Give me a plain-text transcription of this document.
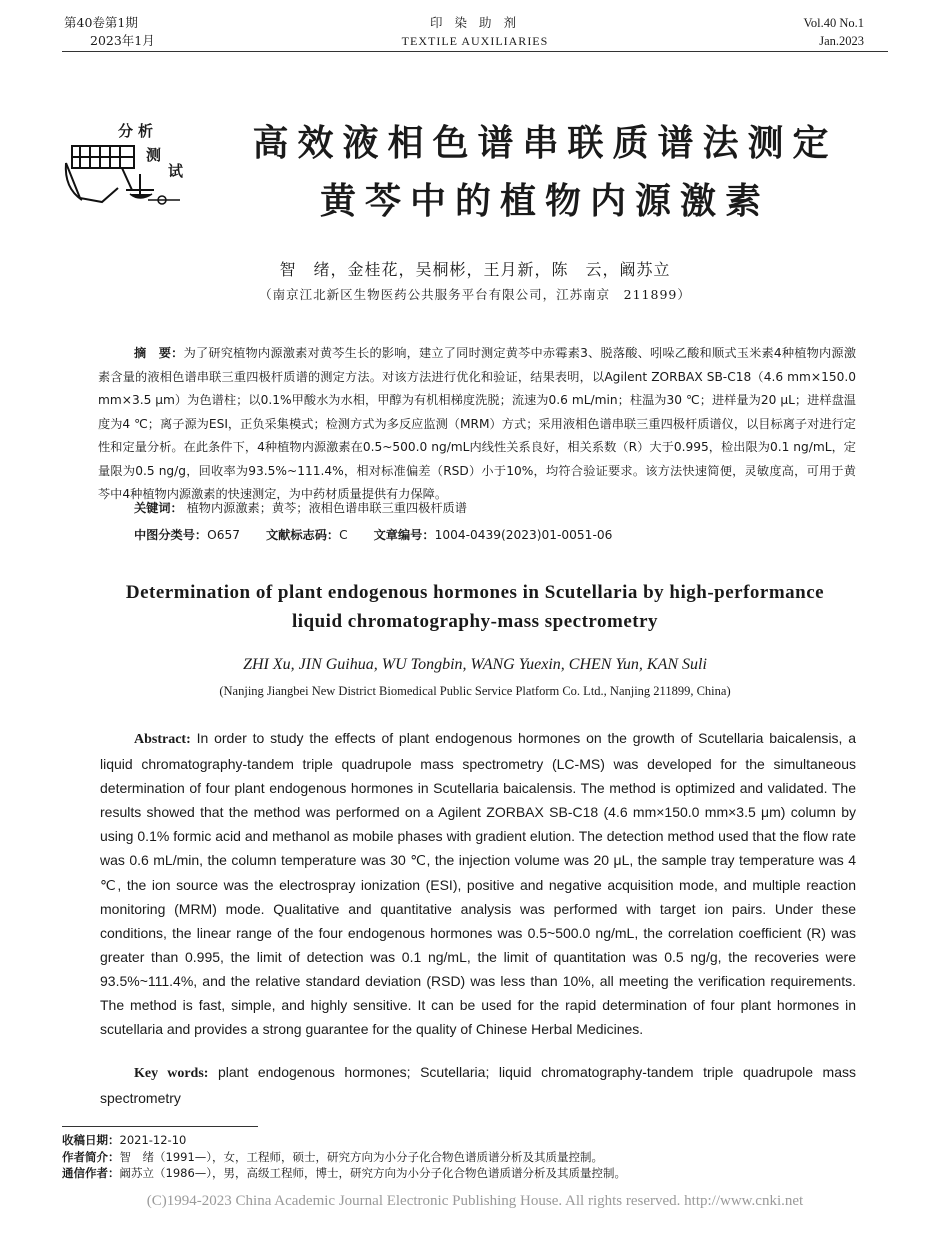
第40卷第1期
2023年1月
印 染 助 剂
TEXTILE AUXILIARIES
Vol.40 No.1
Jan.2023
分析
测
试
高效液相色谱串联质谱法测定
黄芩中的植物内源激素
智　绪，金桂花，吴桐彬，王月新，陈　云，阚苏立
（南京江北新区生物医药公共服务平台有限公司，江苏南京　211899）
摘　要：为了研究植物内源激素对黄芩生长的影响，建立了同时测定黄芩中赤霉素3、脱落酸、吲哚乙酸和顺式玉米素4种植物内源激素含量的液相色谱串联三重四极杆质谱的测定方法。对该方法进行优化和验证，结果表明，以Agilent ZORBAX SB-C18（4.6 mm×150.0 mm×3.5 μm）为色谱柱；以0.1%甲酸水为水相，甲醇为有机相梯度洗脱；流速为0.6 mL/min；柱温为30 ℃；进样量为20 μL；进样盘温度为4 ℃；离子源为ESI，正负采集模式；检测方式为多反应监测（MRM）方式；采用液相色谱串联三重四极杆质谱仪，以目标离子对进行定性和定量分析。在此条件下，4种植物内源激素在0.5~500.0 ng/mL内线性关系良好，相关系数（R）大于0.995，检出限为0.1 ng/mL，定量限为0.5 ng/g，回收率为93.5%~111.4%，相对标准偏差（RSD）小于10%，均符合验证要求。该方法快速简便，灵敏度高，可用于黄芩中4种植物内源激素的快速测定，为中药材质量提供有力保障。
关键词： 植物内源激素；黄芩；液相色谱串联三重四极杆质谱
中图分类号：O657 文献标志码：C 文章编号：1004-0439(2023)01-0051-06
Determination of plant endogenous hormones in Scutellaria by high-performance liquid chromatography-mass spectrometry
ZHI Xu, JIN Guihua, WU Tongbin, WANG Yuexin, CHEN Yun, KAN Suli
(Nanjing Jiangbei New District Biomedical Public Service Platform Co. Ltd., Nanjing 211899, China)
Abstract: In order to study the effects of plant endogenous hormones on the growth of Scutellaria baicalensis, a liquid chromatography-tandem triple quadrupole mass spectrometry (LC-MS) was developed for the simultaneous determination of four plant endogenous hormones in Scutellaria baicalensis. The method is optimized and validated. The results showed that the method was performed on a Agilent ZORBAX SB-C18 (4.6 mm×150.0 mm×3.5 μm) column by using 0.1% formic acid and methanol as mobile phases with gradient elution. The detection method used that the flow rate was 0.6 mL/min, the column temperature was 30 ℃, the injection volume was 20 μL, the sample tray temperature was 4 ℃, the ion source was the electrospray ionization (ESI), positive and negative acquisition mode, and multiple reaction monitoring (MRM) mode. Qualitative and quantitative analysis was performed with target ion pairs. Under these conditions, the linear range of the four endogenous hormones was 0.5~500.0 ng/mL, the correlation coefficient (R) was greater than 0.995, the limit of detection was 0.1 ng/mL, the limit of quantitation was 0.5 ng/g, the recoveries were 93.5%~111.4%, and the relative standard deviation (RSD) was less than 10%, all meeting the verification requirements. The method is fast, simple, and highly sensitive. It can be used for the rapid determination of four plant hormones in scutellaria and provides a strong guarantee for the quality of Chinese Herbal Medicines.
Key words: plant endogenous hormones; Scutellaria; liquid chromatography-tandem triple quadrupole mass spectrometry
收稿日期：2021-12-10
作者简介：智　绪（1991—），女，工程师，硕士，研究方向为小分子化合物色谱质谱分析及其质量控制。
通信作者：阚苏立（1986—），男，高级工程师，博士，研究方向为小分子化合物色谱质谱分析及其质量控制。
(C)1994-2023 China Academic Journal Electronic Publishing House. All rights reserved. http://www.cnki.net
